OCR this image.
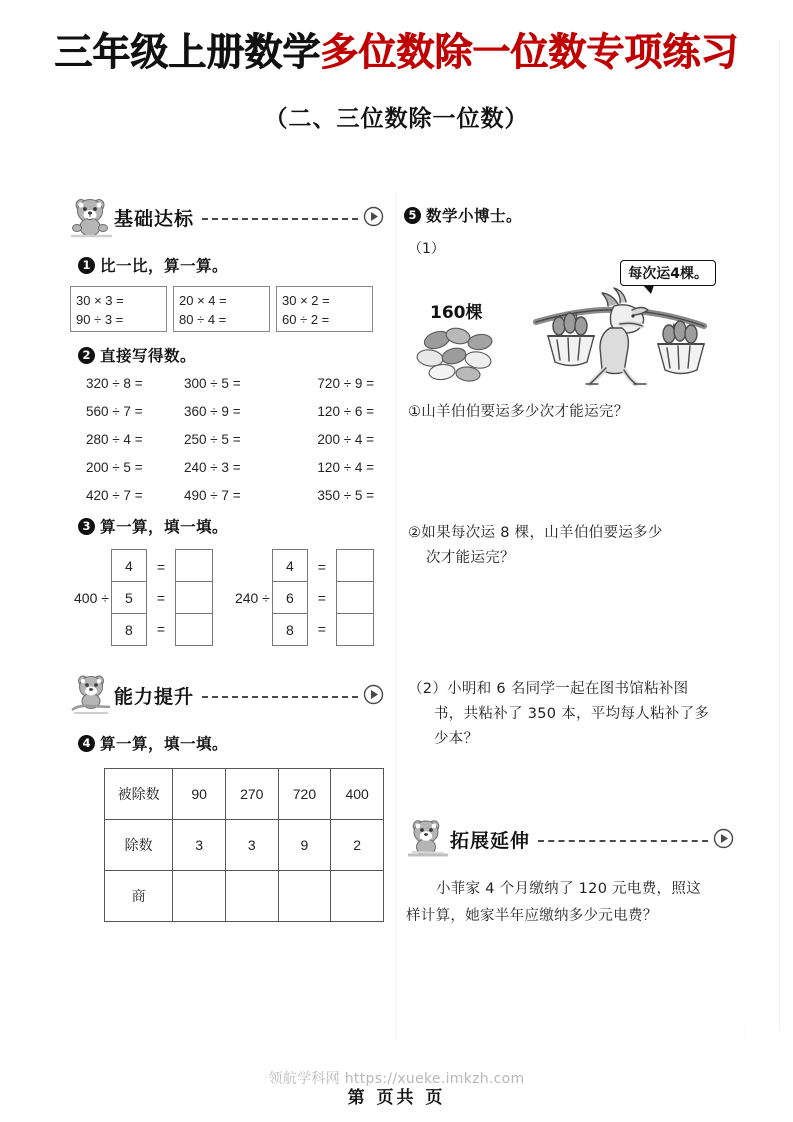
三年级上册数学多位数除一位数专项练习
（二、三位数除一位数）
基础达标
1 比一比，算一算。
30 × 3 =
90 ÷ 3 =
20 × 4 =
80 ÷ 4 =
30 × 2 =
60 ÷ 2 =
2 直接写得数。
320 ÷ 8 =	300 ÷ 5 =	720 ÷ 9 =
560 ÷ 7 =	360 ÷ 9 =	120 ÷ 6 =
280 ÷ 4 =	250 ÷ 5 =	200 ÷ 4 =
200 ÷ 5 =	240 ÷ 3 =	120 ÷ 4 =
420 ÷ 7 =	490 ÷ 7 =	350 ÷ 5 =
3 算一算，填一填。
400 ÷
4
5
8
=
=
=
240 ÷
4
6
8
=
=
=
能力提升
4 算一算，填一填。
被除数	90	270	720	400
除数	3	3	9	2
商				
5 数学小博士。
（1）
每次运4棵。
160棵
①山羊伯伯要运多少次才能运完？
②如果每次运 8 棵，山羊伯伯要运多少
次才能运完？
（2）小明和 6 名同学一起在图书馆粘补图
书，共粘补了 350 本，平均每人粘补了多
少本？
拓展延伸
小菲家 4 个月缴纳了 120 元电费，照这
样计算，她家半年应缴纳多少元电费？
领航学科网 https://xueke.imkzh.com
第 页共 页
